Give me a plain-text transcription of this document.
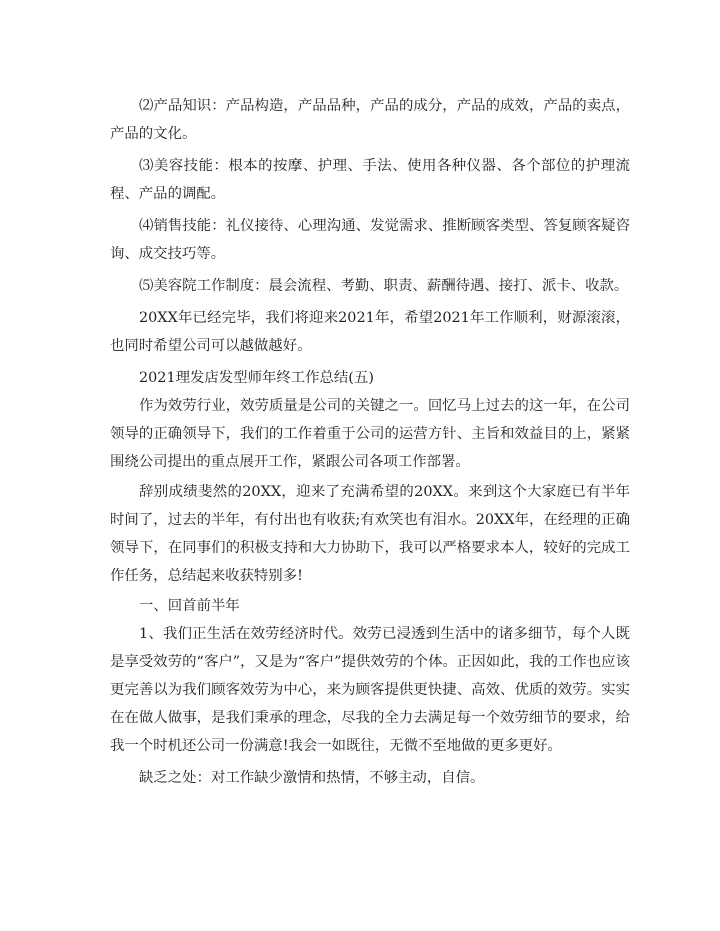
⑵产品知识：产品构造，产品品种，产品的成分，产品的成效，产品的卖点，产品的文化。

⑶美容技能：根本的按摩、护理、手法、使用各种仪器、各个部位的护理流程、产品的调配。

⑷销售技能：礼仪接待、心理沟通、发觉需求、推断顾客类型、答复顾客疑咨询、成交技巧等。

⑸美容院工作制度：晨会流程、考勤、职责、薪酬待遇、接打、派卡、收款。

20XX年已经完毕，我们将迎来2021年，希望2021年工作顺利，财源滚滚，也同时希望公司可以越做越好。

2021理发店发型师年终工作总结(五)

作为效劳行业，效劳质量是公司的关键之一。回忆马上过去的这一年，在公司领导的正确领导下，我们的工作着重于公司的运营方针、主旨和效益目的上，紧紧围绕公司提出的重点展开工作，紧跟公司各项工作部署。

辞别成绩斐然的20XX，迎来了充满希望的20XX。来到这个大家庭已有半年时间了，过去的半年，有付出也有收获;有欢笑也有泪水。20XX年，在经理的正确领导下，在同事们的积极支持和大力协助下，我可以严格要求本人，较好的完成工作任务，总结起来收获特别多!

一、回首前半年

1、我们正生活在效劳经济时代。效劳已浸透到生活中的诸多细节，每个人既是享受效劳的“客户”，又是为“客户”提供效劳的个体。正因如此，我的工作也应该更完善以为我们顾客效劳为中心，来为顾客提供更快捷、高效、优质的效劳。实实在在做人做事，是我们秉承的理念，尽我的全力去满足每一个效劳细节的要求，给我一个时机还公司一份满意!我会一如既往，无微不至地做的更多更好。

缺乏之处：对工作缺少激情和热情，不够主动，自信。
